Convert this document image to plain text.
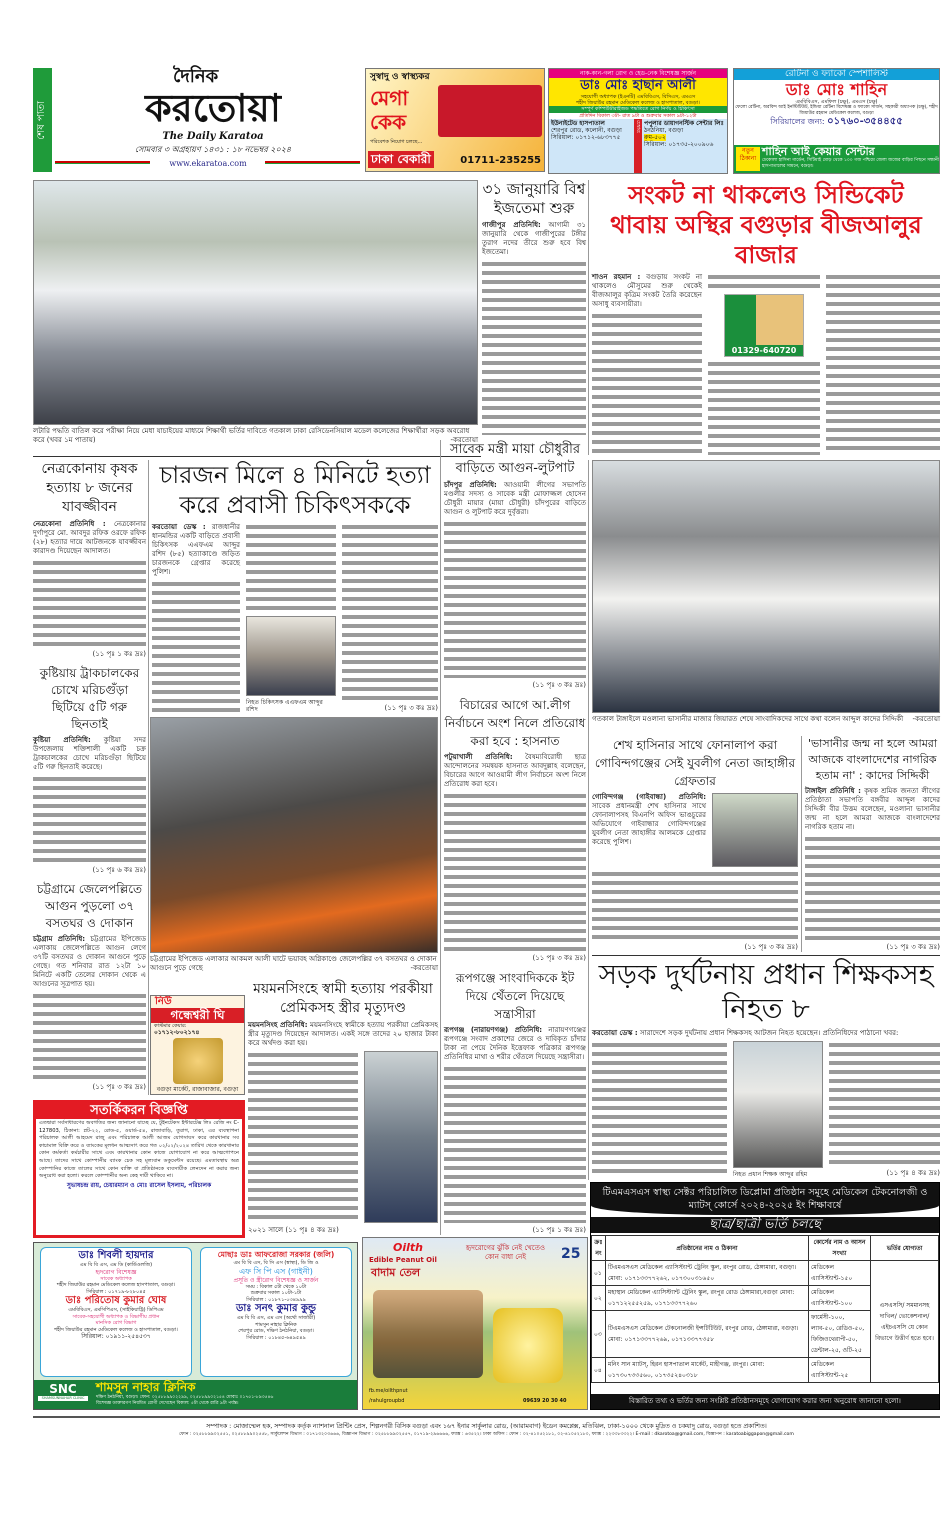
শেষ পাতা
দৈনিক
করতোয়া
The Daily Karatoa
সোমবার ৩ অগ্রহায়ণ ১৪৩১ : ১৮ নভেম্বর ২০২৪
www.ekaratoa.com
সুস্বাদু ও স্বাস্থ্যকর
মেগা কেক
পরিবেশক নিয়োগ চলছে...
ঢাকা বেকারী	01711-235255
নাক-কান-গলা রোগ ও হেড-নেক বিশেষজ্ঞ সার্জন
ডাঃ মোঃ হাছান আলী
সহযোগী অধ্যাপক (ইএনটি) এমবিবিএস, বিসিএস, এমএস
শহীদ জিয়াউর রহমান মেডিকেল কলেজ ও হাসপাতাল, বগুড়া।
সম্পূর্ণ কম্পিউটারাইজড পদ্ধতিতে রোগ নির্ণয় ও চিকিৎসা
প্রতিদিন বিকাল ৩টা- রাত ৯টা ও শুক্রবার সকাল ৯টা-১২টা
ইউনাইটেড হাসপাতাল
শেরপুর রোড, কলোনী, বগুড়া
সিরিয়াল: ০১৭১২-৬৮৩৭৭৫
চেম্বার: পপুলার ডায়াগনস্টিক সেন্টার লিঃ
ঠনঠনিয়া, বগুড়া
রুম-৫০২
সিরিয়াল: ০১৭৩৫-২০০৯০৬
রেটিনা ও ফ্যাকো স্পেশালিস্ট
ডাঃ মোঃ শাহিন
এমবিবিএস, এমফিল (চক্ষু), এমএস (চক্ষু)
ফেলো রেটিনা, অরবিন্দ আই ইনস্টিটিউট, ইন্ডিয়া রেটিনা বিশেষজ্ঞ ও ফ্যাকো সার্জন, সহকারী অধ্যাপক (চক্ষু), শহীদ জিয়াউর রহমান মেডিকেল কলেজ, বগুড়া
সিরিয়ালের জন্য: ০১৭৬০-৩৫৪৪৫৫
নতুন ঠিকানা
শাহিন আই কেয়ার সেন্টার
ঢেকোলা হাসিনা গার্ডেন, সিটিমাই মোড় থেকে ১০০ গজ পশ্চিমে জেলা জজের বাড়ির পিছনে সন্ধানী হাসপাতালের সামনে, বগুড়া।
লটারি পদ্ধতি বাতিল করে পরীক্ষা নিয়ে মেধা যাচাইয়ের মাধ্যমে শিক্ষার্থী ভর্তির দাবিতে গতকাল ঢাকা রেসিডেনসিয়াল মডেল কলেজের শিক্ষার্থীরা সড়ক অবরোধ করে (খবর ১ম পাতায়)	-করতোয়া
৩১ জানুয়ারি বিশ্ব ইজতেমা শুরু

গাজীপুর প্রতিনিধি: আগামী ৩১ জানুয়ারি থেকে গাজীপুরের টঙ্গীর তুরাগ নদের তীরে শুরু হবে বিশ্ব ইজতেমা।

সংকট না থাকলেও সিন্ডিকেট থাবায় অস্থির বগুড়ার বীজআলুর বাজার

শাওন রহমান : বগুড়ায় সংকট না থাকলেও মৌসুমের শুরু থেকেই বীজআলুর কৃত্রিম সংকট তৈরি করেছেন অসাধু ব্যবসায়ীরা।

01329-640720
নেত্রকোনায় কৃষক হত্যায় ৮ জনের যাবজ্জীবন

নেত্রকোনা প্রতিনিধি : নেত্রকোনার দুর্গাপুরে মো. আবদুর রফিক ওরফে রফিক (২৮) হত্যার দায়ে আটজনকে যাবজ্জীবন কারাদণ্ড দিয়েছেন আদালত।

(১১ পৃঃ ১ কঃ দ্রঃ)
কুষ্টিয়ায় ট্রাকচালকের চোখে মরিচগুঁড়া ছিটিয়ে ৫টি গরু ছিনতাই

কুষ্টিয়া প্রতিনিধি: কুষ্টিয়া সদর উপজেলায় শক্তিশালী একটি চক্র ট্রাকচালকের চোখে মরিচগুঁড়া ছিটিয়ে ৫টি গরু ছিনতাই করেছে।

(১১ পৃঃ ৬ কঃ দ্রঃ)
চট্টগ্রামে জেলেপল্লিতে আগুন পুড়লো ৩৭ বসতঘর ও দোকান

চট্টগ্রাম প্রতিনিধি: চট্টগ্রামের ইপিজেড এলাকায় জেলেপল্লিতে আগুন লেগে ৩৭টি বসতঘর ও দোকান আগুনে পুড়ে গেছে। গত শনিবার রাত ১২টা ১০ মিনিটে একটি তেলের দোকান থেকে এ আগুনের সূত্রপাত হয়।

(১১ পৃঃ ৩ কঃ দ্রঃ)
চারজন মিলে ৪ মিনিটে হত্যা করে প্রবাসী চিকিৎসককে

করতোয়া ডেস্ক : রাজধানীর ধানমন্ডির একটি বাড়িতে প্রবাসী চিকিৎসক এএফএম আব্দুর রশিদ (৮৫) হত্যাকাণ্ডে জড়িত চারজনকে গ্রেপ্তার করেছে পুলিশ।

নিহত চিকিৎসক এএফএম আব্দুর রশিদ	(১১ পৃঃ ৩ কঃ দ্রঃ)
সাবেক মন্ত্রী মায়া চৌধুরীর বাড়িতে আগুন-লুটপাট

চাঁদপুর প্রতিনিধি: আওয়ামী লীগের সভাপতি মণ্ডলীর সদস্য ও সাবেক মন্ত্রী মোফাজ্জল হোসেন চৌধুরী মায়ার (মায়া চৌধুরী) চাঁদপুরের বাড়িতে আগুন ও লুটপাট করে দুর্বৃত্তরা।

(১১ পৃঃ ৩ কঃ দ্রঃ)
বিচারের আগে আ.লীগ নির্বাচনে অংশ নিলে প্রতিরোধ করা হবে : হাসনাত

পটুয়াখালী প্রতিনিধি: বৈষম্যবিরোধী ছাত্র আন্দোলনের সমন্বয়ক হাসনাত আবদুল্লাহ বলেছেন, বিচারের আগে আওয়ামী লীগ নির্বাচনে অংশ নিলে প্রতিরোধ করা হবে।

(১১ পৃঃ ৩ কঃ দ্রঃ)
রূপগঞ্জে সাংবাদিককে ইট দিয়ে থেঁতলে দিয়েছে সন্ত্রাসীরা

রূপগঞ্জ (নারায়ণগঞ্জ) প্রতিনিধি: নারায়ণগঞ্জের রূপগঞ্জে সংবাদ প্রকাশের জেরে ও দাবিকৃত চাঁদার টাকা না পেয়ে দৈনিক ইত্তেফাক পত্রিকার রূপগঞ্জ প্রতিনিধির মাথা ও শরীর থেঁতলে দিয়েছে সন্ত্রাসীরা।

(১১ পৃঃ ১ কঃ দ্রঃ)
চট্টগ্রামের ইপিজেড এলাকার আকমল আলী ঘাটে ভয়াবহ অগ্নিকাণ্ডে জেলেপল্লির ৩৭ বসতঘর ও দোকান আগুনে পুড়ে গেছে	-করতোয়া
গতকাল টাঙ্গাইলে মওলানা ভাসানীর মাজার জিয়ারত শেষে সাংবাদিকদের সাথে কথা বলেন আব্দুল কাদের সিদ্দিকী -করতোয়া
শেখ হাসিনার সাথে ফোনালাপ করা গোবিন্দগঞ্জের সেই যুবলীগ নেতা জাহাঙ্গীর গ্রেফতার

গোবিন্দগঞ্জ (গাইবান্ধা) প্রতিনিধি: সাবেক প্রধানমন্ত্রী শেখ হাসিনার সাথে ফোনালাপসহ বিএনপি অফিস ভাঙচুরের অভিযোগে গাইবান্ধার গোবিন্দগঞ্জের যুবলীগ নেতা জাহাঙ্গীর আলমকে গ্রেপ্তার করেছে পুলিশ।

(১১ পৃঃ ৩ কঃ দ্রঃ)
'ভাসানীর জন্ম না হলে আমরা আজকে বাংলাদেশের নাগরিক হতাম না' : কাদের সিদ্দিকী

টাঙ্গাইল প্রতিনিধি : কৃষক শ্রমিক জনতা লীগের প্রতিষ্ঠাতা সভাপতি বঙ্গবীর আব্দুল কাদের সিদ্দিকী বীর উত্তম বলেছেন, মওলানা ভাসানীর জন্ম না হলে আমরা আজকে বাংলাদেশের নাগরিক হতাম না।

(১১ পৃঃ ৩ কঃ দ্রঃ)
সড়ক দুর্ঘটনায় প্রধান শিক্ষকসহ নিহত ৮

করতোয়া ডেস্ক : সারাদেশে সড়ক দুর্ঘটনায় প্রধান শিক্ষকসহ আটজন নিহত হয়েছেন। প্রতিনিধিদের পাঠানো খবর:

নিহত প্রধান শিক্ষক আব্দুর রহিম	(১১ পৃঃ ৪ কঃ দ্রঃ)
নিউ
গন্ধেশ্বরী ঘি
কাস্টমার কেয়ার:
০১৭১২-৮০২১৭৪
বগুড়া মার্কেট, রাজাবাজার, বগুড়া
ময়মনসিংহে স্বামী হত্যায় পরকীয়া প্রেমিকসহ স্ত্রীর মৃত্যুদণ্ড

ময়মনসিংহ প্রতিনিধি: ময়মনসিংহে স্বামীকে হত্যায় পরকীয়া প্রেমিকসহ স্ত্রীর মৃত্যুদণ্ড দিয়েছেন আদালত। একই সঙ্গে তাদের ২০ হাজার টাকা করে অর্থদণ্ড করা হয়।

২০২১ সালে (১১ পৃঃ ৪ কঃ দ্রঃ)
সতর্কিকরন বিজ্ঞপ্তি
এতদ্বারা সর্বসাধারণের অবগতির জন্য জানানো যাচ্ছে যে, টুইনটেকস ইন্টারটেক্স লিঃ রেজি নং C-127803, ঠিকানা: প্লট-২২, রোড-৫, ওয়ার্ড-৫৪, রাজাবাড়ি, তুরাগ, ঢাকা, এর ব্যবস্থাপনা পরিচালক আলী আহমেদ রাজু এবং পরিচালক আলী আজম যোগসাযস করে কারখানার সব কাচামাল বিক্রি করে ও ব্যাংকের মূলধন আত্মসাৎ করে গত ০২/০২/২০২৪ তারিখ থেকে কারখানার কোন কর্মকর্তা কর্মচারীর সাথে এবং কারখানার কোন কাজে যোগাযোগ না করে আত্মগোপনে আছে। তাদের সাথে কোম্পানীর ব্যাংক চেক সহ মূল্যবান ডকুমেন্টস রয়েছে। এমতাবস্থায় অত্র কোম্পানির কাজে তালের সাথে কোন ব্যক্তি বা প্রতিষ্ঠানকে ব্যবসায়ীক লেনদেন না করার জন্য অনুরোধ করা হলো। করলে কোম্পানীর অন্য কেহ দায়ী থাকিবে না।
সুভাষচন্দ্র রায়, চেয়ারম্যান ও মোঃ রাসেল ইসলাম, পরিচালক
ডাঃ শিবলী হায়দার
এম বি বি এস, এম ডি (কার্ডিওলজি)
হৃদরোগ বিশেষজ্ঞ
সাবেক অধ্যাপক
শহীদ জিয়াউর রহমান মেডিকেল কলেজ হাসপাতাল, বগুড়া।
সিরিয়াল : ০১৭১৯-৮২৮০৪৫
ডাঃ পরিতোষ কুমার ঘোষ
এমবিবিএস, এমসিপিএস, (সাইকিয়াট্রি) ডিপিএম
সাবেক-সহযোগী অধ্যাপক ও বিভাগীয় প্রধান
মানসিক রোগ বিভাগ
শহীদ জিয়াউর রহমান মেডিকেল কলেজ ও হাসপাতাল, বগুড়া।
সিরিয়াল: ০১৯১১-২৫৪৫৩৭
মোছাঃ ডাঃ আফরোজা সরকার (জলি)
এম বি বি এস, বি সি এস (স্বাস্থ্য), ডি জি ও
এফ সি পি এস (গাইনী)
প্রসূতি ও স্ত্রীরোগ বিশেষজ্ঞ ও সার্জন
সময় : বিকাল ৫টা থেকে ১০টা
শুক্রবার সকাল ১০টা-১টা
সিরিয়াল : ০১৮৭১-০৩৪৯৯৯
ডাঃ সনৎ কুমার কুন্ডু
এম বি বি এস, এম এস (অর্থো সার্জারী)
শামসুন নাহার ক্লিনিক
শেরপুর রোড, দক্ষিণ ঠনঠনিয়া, বগুড়া।
সিরিয়াল : ০১৮৪৫-৬৪৯৫৪৯
SNC
SHAMSUNNAHAR CLINIC
শামসুন নাহার ক্লিনিক
দক্ষিণ ঠনঠনিয়া, বগুড়া। ফোন: ০২৫৮৮৯৯০২২৯৯, ০২৫৮৮৯৯০২১৫৪ মোবাঃ ০১৭৫১-৮৯৩৫৪৬
বিশেষজ্ঞ ডাক্তারগণ নিয়মিত রোগী দেখেছেন বিকাল: ৫টা থেকে রাত্রি ৯টা পর্যন্ত।
Oilth
Edible Peanut Oil
বাদাম তেল
হৃদরোগের ঝুঁকি নেই খেতেও কোন বাধা নেই	25
fb.me/oilthpnut
/rahulgroupbd	09639 20 30 40
টিএমএসএস স্বাস্থ্য সেক্টর পরিচালিত ডিপ্লোমা প্রতিষ্ঠান সমূহে মেডিকেল টেকনোলজী ও ম্যাটস্ কোর্সে ২০২৪-২০২৫ ইং শিক্ষাবর্ষে
ছাত্র/ছাত্রী ভর্তি চলছে
ক্রঃ নং	প্রতিষ্ঠানের নাম ও ঠিকানা	কোর্সের নাম ও আসন সংখ্যা	ভর্তির যোগ্যতা
০১	টিএমএসএস মেডিকেল এ্যাসিস্ট্যান্ট ট্রেনিং স্কুল, রংপুর রোড, ঠেঙ্গামারা, বগুড়া। মোবা: ০১৭১৩৩৭৭২৬২, ০১৭৩০০৩১৬৫০	মেডিকেল এ্যাসিস্ট্যান্ট-১৫০	এসএসসি/ সমমানসহ দাখিল/ ভোকেশনাল/ এইচএসসি যে কোন বিভাগে উত্তীর্ণ হতে হবে।
০২	মহাস্থান মেডিকেল এ্যাসিস্ট্যান্ট ট্রেনিং স্কুল, রংপুর রোড ঠেঙ্গামারা,বগুড়া মোবা: ০১৭১২২৫৫২৫৯, ০১৭১৩৩৭৭২৬০	মেডিকেল এ্যাসিস্ট্যান্ট-১০০	
০৩	টিএমএসএস মেডিকেল টেকনোলজী ইন্সটিটিউট, রংপুর রোড, ঠেঙ্গামারা, বগুড়া। মোবা: ০১৭১৩৩৭৭২৬৯, ০১৭১৩৩৭৭৩৫৮	ফার্মেসী-১০০, ল্যাব-৫০, রেডিও-৫০, ফিজিওথেরাপী-৫০, ডেন্টাল-২৫, ওটি-২৫	
০৪	মনিং সান ম্যাটস্, হিরন হাসপাতাল মার্কেট, মাহীগঞ্জ, রংপুর। মোবা: ০১৭৩০৭৩৩৫৬০, ০১৭৩৫২৪০৩১৮	মেডিকেল এ্যাসিস্ট্যান্ট-২৫	
বিস্তারিত তথ্য ও ভর্তির জন্য সংশ্লিষ্ট প্রতিষ্ঠানসমূহে যোগাযোগ করার জন্য অনুরোধ জানানো হলো।
সম্পাদক : মোজাম্মেল হক, সম্পাদক কর্তৃক ন্যাশনাল প্রিন্টিং প্রেস, শিল্পনগরী বিসিক বগুড়া এবং ১৬৭ ইনার সার্কুলার রোড, (আরামবাগ) ইডেন কমপ্লেক্স, মতিঝিল, ঢাকা-১০০০ থেকে মুদ্রিত ও চকযাদু রোড, বগুড়া হতে প্রকাশিত।
ফোন : ০২৫৮৮৯৯০২৫৫১, ০২৫৮৮৯৯০২৫৫৮, সার্কুলেশন বিভাগ : ০১৭১৩২০৩৬৬৬, বিজ্ঞাপন বিভাগ : ০২৫৮৮৯৯০২৫৫৭, ০১৭১৯-২৯৬৬৬৬, ফ্যাক্স : ৬৩৫২২। ঢাকা অফিস : ফোন : ০২-৪১০৫২১৮১, ০২-৪১০৫২১৮০, ফ্যাক্স : ২২৩৩৮৩৩২২। E-mail : dkarotoa@gmail.com, বিজ্ঞাপন : karatoabiggapon@gmail.com
